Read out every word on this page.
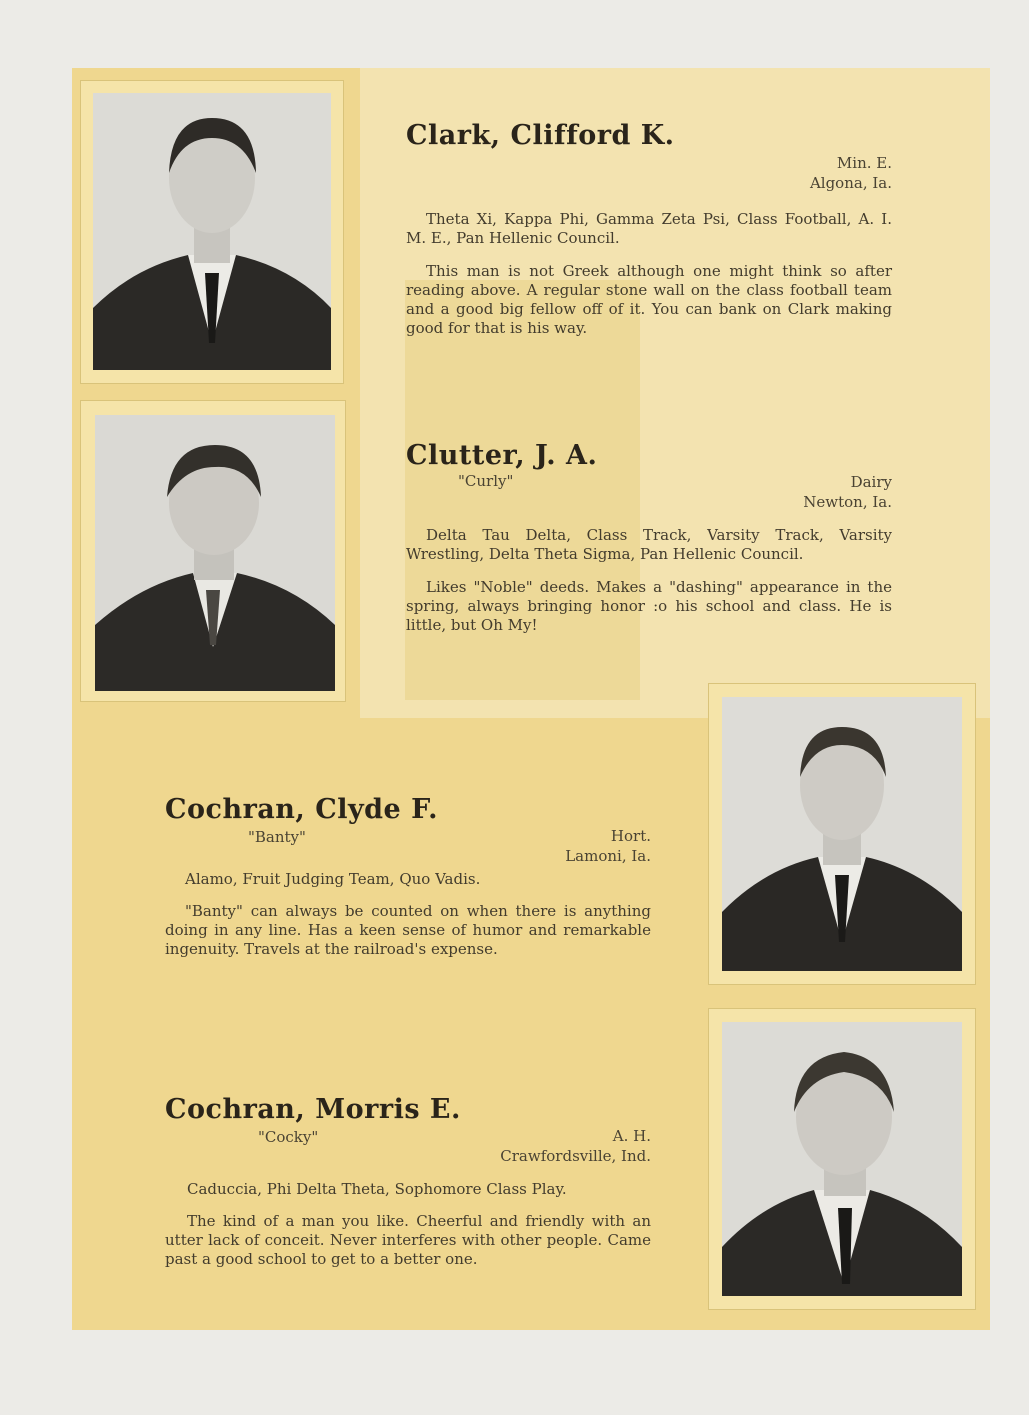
Clark, Clifford K.
Min. E.
Algona, Ia.

Theta Xi, Kappa Phi, Gamma Zeta Psi, Class Football, A. I. M. E., Pan Hellenic Council.

This man is not Greek although one might think so after reading above. A regular stone wall on the class football team and a good big fellow off of it. You can bank on Clark making good for that is his way.

Clutter, J. A.
"Curly"	Dairy
Newton, Ia.

Delta Tau Delta, Class Track, Varsity Track, Varsity Wrestling, Delta Theta Sigma, Pan Hellenic Council.

Likes "Noble" deeds. Makes a "dashing" appearance in the spring, always bringing honor :o his school and class. He is little, but Oh My!

Cochran, Clyde F.
"Banty"	Hort.
Lamoni, Ia.

Alamo, Fruit Judging Team, Quo Vadis.

"Banty" can always be counted on when there is anything doing in any line. Has a keen sense of humor and remarkable ingenuity. Travels at the railroad's expense.

Cochran, Morris E.
"Cocky"	A. H.
Crawfordsville, Ind.

Caduccia, Phi Delta Theta, Sophomore Class Play.

The kind of a man you like. Cheerful and friendly with an utter lack of conceit. Never interferes with other people. Came past a good school to get to a better one.
